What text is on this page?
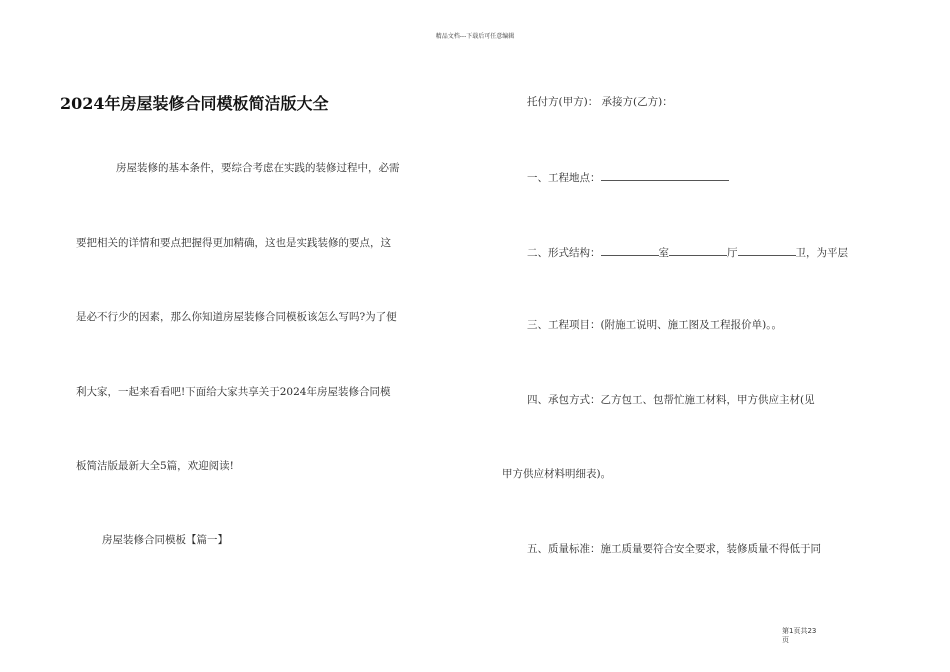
精品文档---下载后可任意编辑
2024年房屋装修合同模板简洁版大全
房屋装修的基本条件，要综合考虑在实践的装修过程中，必需
要把相关的详情和要点把握得更加精确，这也是实践装修的要点，这
是必不行少的因素，那么你知道房屋装修合同模板该怎么写吗?为了便
利大家，一起来看看吧!下面给大家共享关于2024年房屋装修合同模
板简洁版最新大全5篇，欢迎阅读!
房屋装修合同模板【篇一】
托付方(甲方)： 承接方(乙方)：
一、工程地点：
二、形式结构：	室	厅	卫，为平层
三、工程项目：(附施工说明、施工图及工程报价单)。。
四、承包方式：乙方包工、包帮忙施工材料，甲方供应主材(见
甲方供应材料明细表)。
五、质量标准：施工质量要符合安全要求，装修质量不得低于同
第1页共23
页
